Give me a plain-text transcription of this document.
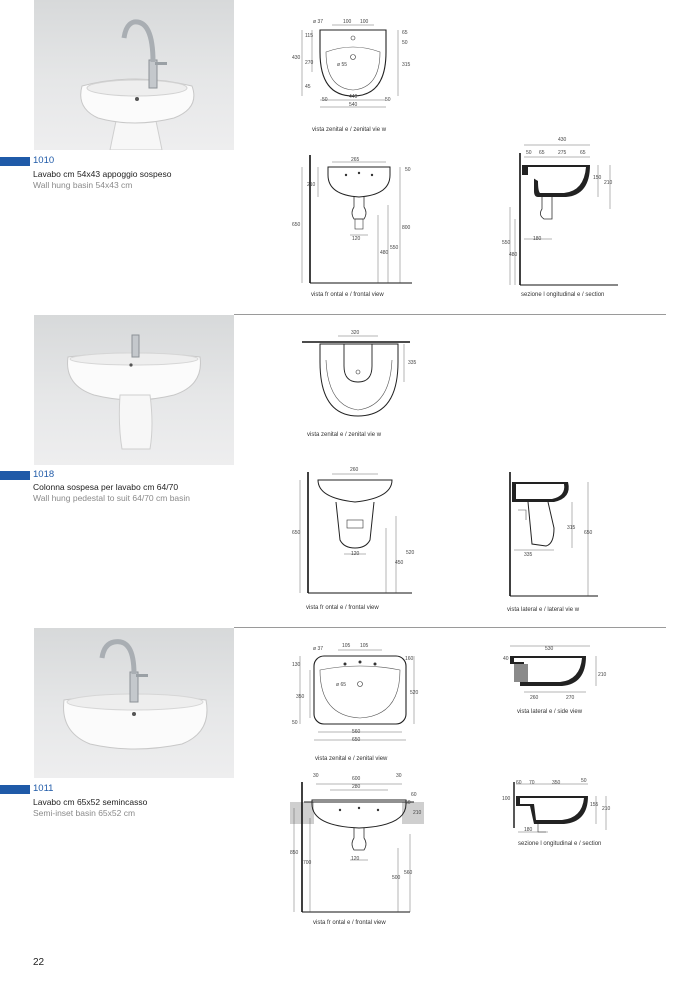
1010
Lavabo cm 54x43 appoggio sospeso
Wall hung basin 54x43 cm
ø 37	100 100
430
115
270
45
65
50
315
ø 55
440
50
540
50
vista zenital e / zenital vie w
265
210
50
650
120
480
550
800
vista fr ontal e / frontal view
430
50 65	275	65
150
210
550
180
480
sezione l ongitudinal e / section
1018
Colonna sospesa per lavabo cm 64/70
Wall hung pedestal to suit 64/70 cm basin
320
335
vista zenital e / zenital vie w
260
650
120
450
520
vista fr ontal e / frontal view
315
335
650
vista lateral e / lateral vie w
1011
Lavabo cm 65x52 semincasso
Semi-inset basin 65x52 cm
ø 37	105 105
130
350
50
ø 65
160
520
560
650
vista zenital e / zenital view
530
40
210
260	270
vista lateral e / side view
30	600
280
30
60
50
210
120
850
700
500
560
vista fr ontal e / frontal view
60 70	350	50
100
155
210
180
sezione l ongitudinal e / section
22
